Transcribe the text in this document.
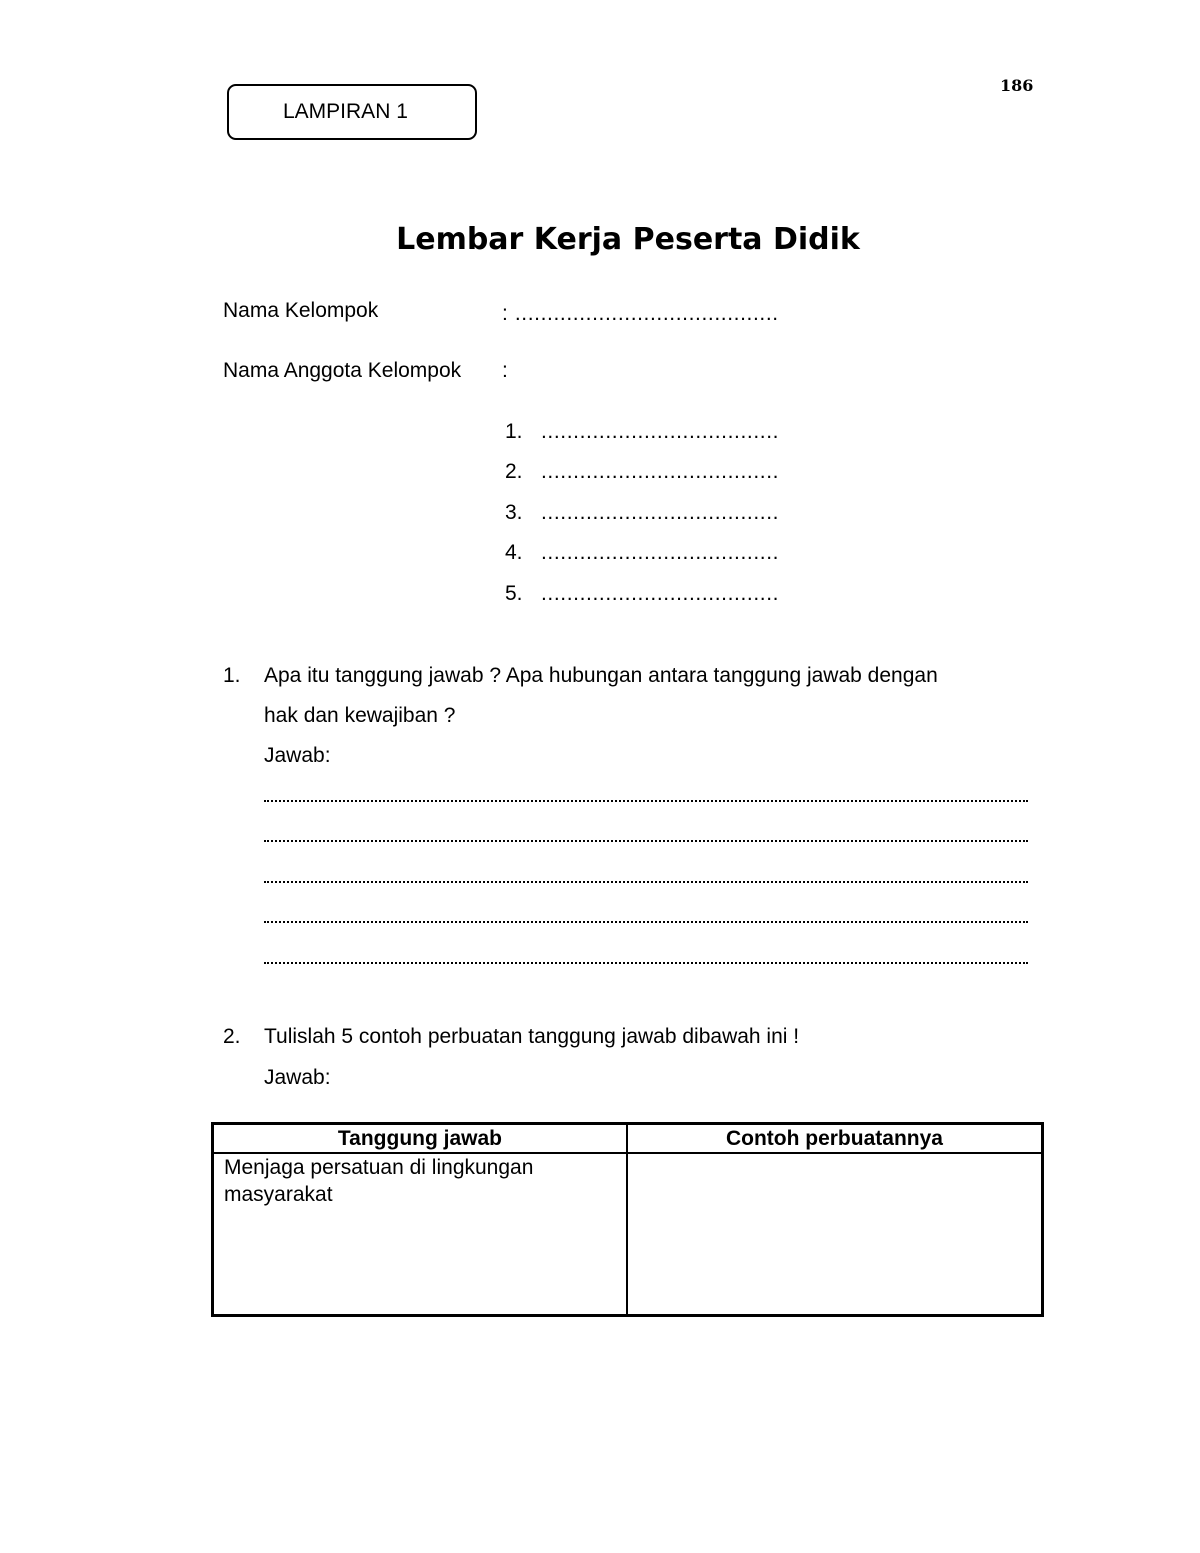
186
LAMPIRAN 1
Lembar Kerja Peserta Didik
Nama Kelompok	: .........................................
Nama Anggota Kelompok :
1. .....................................
2. .....................................
3. .....................................
4. .....................................
5. .....................................
1. Apa itu tanggung jawab ? Apa hubungan antara tanggung jawab dengan
hak dan kewajiban ?
Jawab:
2. Tulislah 5 contoh perbuatan tanggung jawab dibawah ini !
Jawab:
Tanggung jawab	Contoh perbuatannya
Menjaga persatuan di lingkungan masyarakat	
